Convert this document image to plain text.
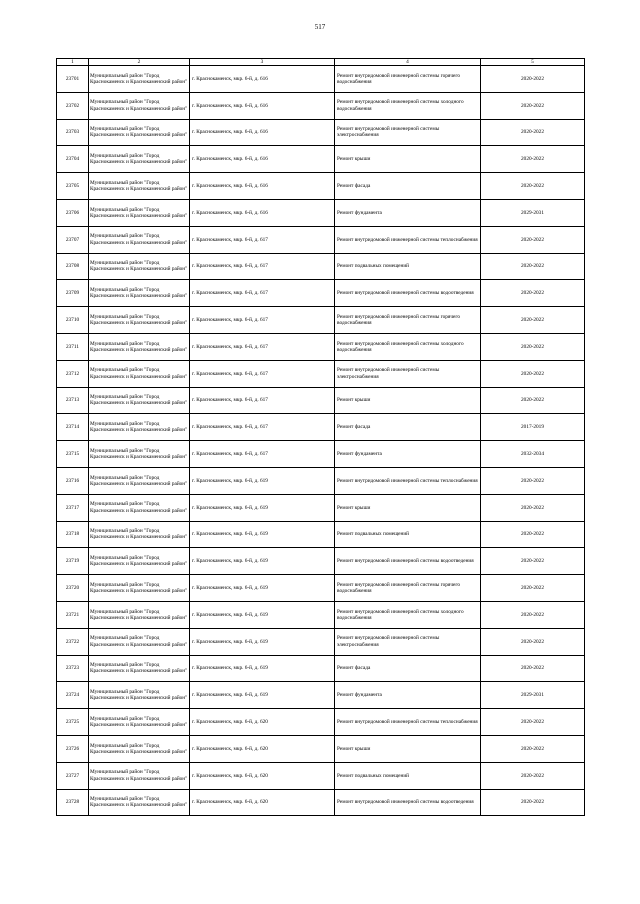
517
1	2	3	4	5
23701	Муниципальный район "Город Краснокаменск и Краснокаменский район"	г. Краснокаменск, мкр. 6-й, д. 616	Ремонт внутридомовой инженерной системы горячего водоснабжения	2020-2022
23702	Муниципальный район "Город Краснокаменск и Краснокаменский район"	г. Краснокаменск, мкр. 6-й, д. 616	Ремонт внутридомовой инженерной системы холодного водоснабжения	2020-2022
23703	Муниципальный район "Город Краснокаменск и Краснокаменский район"	г. Краснокаменск, мкр. 6-й, д. 616	Ремонт внутридомовой инженерной системы электроснабжения	2020-2022
23704	Муниципальный район "Город Краснокаменск и Краснокаменский район"	г. Краснокаменск, мкр. 6-й, д. 616	Ремонт крыши	2020-2022
23705	Муниципальный район "Город Краснокаменск и Краснокаменский район"	г. Краснокаменск, мкр. 6-й, д. 616	Ремонт фасада	2020-2022
23706	Муниципальный район "Город Краснокаменск и Краснокаменский район"	г. Краснокаменск, мкр. 6-й, д. 616	Ремонт фундамента	2029-2031
23707	Муниципальный район "Город Краснокаменск и Краснокаменский район"	г. Краснокаменск, мкр. 6-й, д. 617	Ремонт внутридомовой инженерной системы теплоснабжения	2020-2022
23708	Муниципальный район "Город Краснокаменск и Краснокаменский район"	г. Краснокаменск, мкр. 6-й, д. 617	Ремонт подвальных помещений	2020-2022
23709	Муниципальный район "Город Краснокаменск и Краснокаменский район"	г. Краснокаменск, мкр. 6-й, д. 617	Ремонт внутридомовой инженерной системы водоотведения	2020-2022
23710	Муниципальный район "Город Краснокаменск и Краснокаменский район"	г. Краснокаменск, мкр. 6-й, д. 617	Ремонт внутридомовой инженерной системы горячего водоснабжения	2020-2022
23711	Муниципальный район "Город Краснокаменск и Краснокаменский район"	г. Краснокаменск, мкр. 6-й, д. 617	Ремонт внутридомовой инженерной системы холодного водоснабжения	2020-2022
23712	Муниципальный район "Город Краснокаменск и Краснокаменский район"	г. Краснокаменск, мкр. 6-й, д. 617	Ремонт внутридомовой инженерной системы электроснабжения	2020-2022
23713	Муниципальный район "Город Краснокаменск и Краснокаменский район"	г. Краснокаменск, мкр. 6-й, д. 617	Ремонт крыши	2020-2022
23714	Муниципальный район "Город Краснокаменск и Краснокаменский район"	г. Краснокаменск, мкр. 6-й, д. 617	Ремонт фасада	2017-2019
23715	Муниципальный район "Город Краснокаменск и Краснокаменский район"	г. Краснокаменск, мкр. 6-й, д. 617	Ремонт фундамента	2032-2034
23716	Муниципальный район "Город Краснокаменск и Краснокаменский район"	г. Краснокаменск, мкр. 6-й, д. 619	Ремонт внутридомовой инженерной системы теплоснабжения	2020-2022
23717	Муниципальный район "Город Краснокаменск и Краснокаменский район"	г. Краснокаменск, мкр. 6-й, д. 619	Ремонт крыши	2020-2022
23718	Муниципальный район "Город Краснокаменск и Краснокаменский район"	г. Краснокаменск, мкр. 6-й, д. 619	Ремонт подвальных помещений	2020-2022
23719	Муниципальный район "Город Краснокаменск и Краснокаменский район"	г. Краснокаменск, мкр. 6-й, д. 619	Ремонт внутридомовой инженерной системы водоотведения	2020-2022
23720	Муниципальный район "Город Краснокаменск и Краснокаменский район"	г. Краснокаменск, мкр. 6-й, д. 619	Ремонт внутридомовой инженерной системы горячего водоснабжения	2020-2022
23721	Муниципальный район "Город Краснокаменск и Краснокаменский район"	г. Краснокаменск, мкр. 6-й, д. 619	Ремонт внутридомовой инженерной системы холодного водоснабжения	2020-2022
23722	Муниципальный район "Город Краснокаменск и Краснокаменский район"	г. Краснокаменск, мкр. 6-й, д. 619	Ремонт внутридомовой инженерной системы электроснабжения	2020-2022
23723	Муниципальный район "Город Краснокаменск и Краснокаменский район"	г. Краснокаменск, мкр. 6-й, д. 619	Ремонт фасада	2020-2022
23724	Муниципальный район "Город Краснокаменск и Краснокаменский район"	г. Краснокаменск, мкр. 6-й, д. 619	Ремонт фундамента	2029-2031
23725	Муниципальный район "Город Краснокаменск и Краснокаменский район"	г. Краснокаменск, мкр. 6-й, д. 620	Ремонт внутридомовой инженерной системы теплоснабжения	2020-2022
23726	Муниципальный район "Город Краснокаменск и Краснокаменский район"	г. Краснокаменск, мкр. 6-й, д. 620	Ремонт крыши	2020-2022
23727	Муниципальный район "Город Краснокаменск и Краснокаменский район"	г. Краснокаменск, мкр. 6-й, д. 620	Ремонт подвальных помещений	2020-2022
23728	Муниципальный район "Город Краснокаменск и Краснокаменский район"	г. Краснокаменск, мкр. 6-й, д. 620	Ремонт внутридомовой инженерной системы водоотведения	2020-2022
